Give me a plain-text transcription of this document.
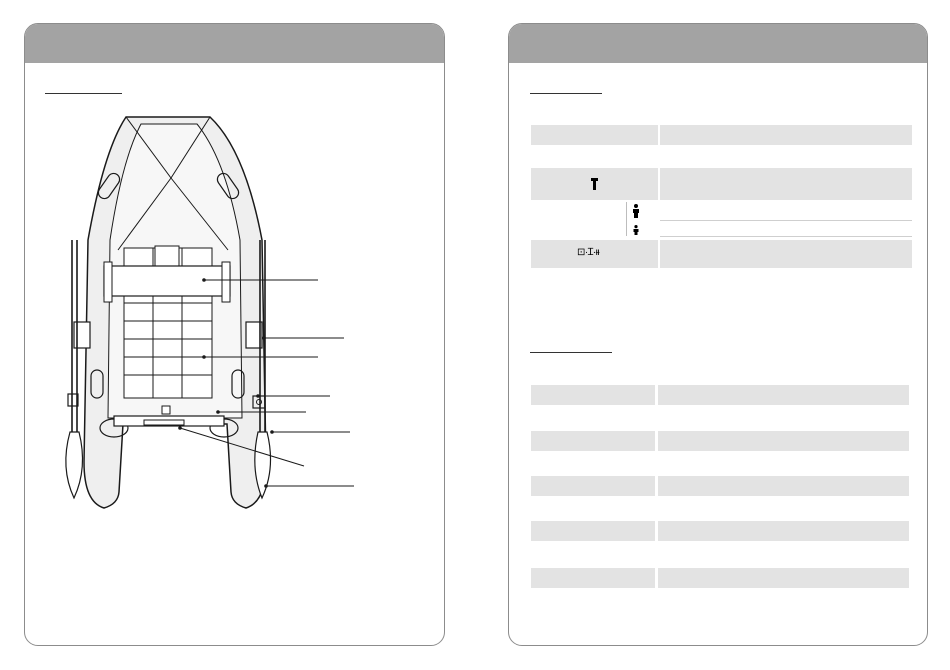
⊡·Ɪ·ᵻᵻ
